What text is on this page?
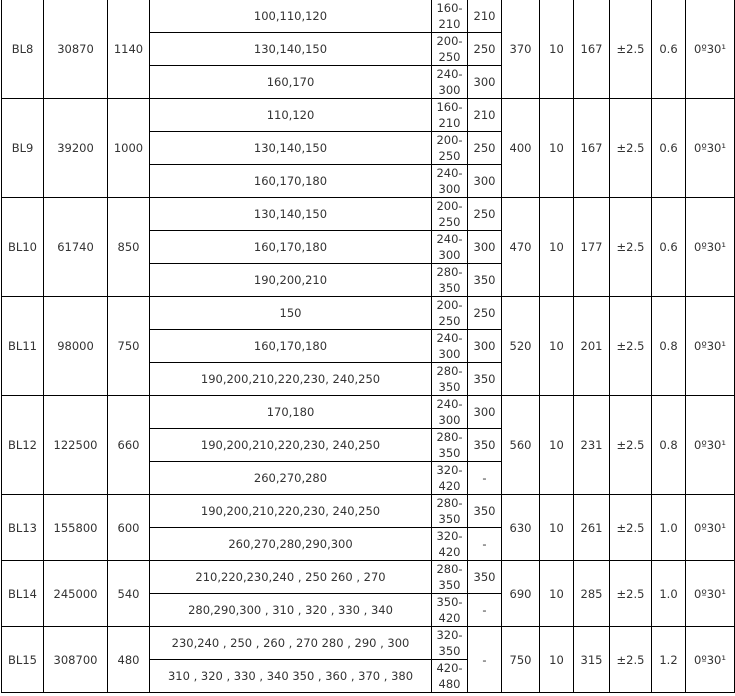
BL8	30870	1140	100,110,120	160-210	210	370	10	167	±2.5	0.6	0º30¹
			130,140,150	200-250	250						
			160,170	240-300	300						
BL9	39200	1000	110,120	160-210	210	400	10	167	±2.5	0.6	0º30¹
			130,140,150	200-250	250						
			160,170,180	240-300	300						
BL10	61740	850	130,140,150	200-250	250	470	10	177	±2.5	0.6	0º30¹
			160,170,180	240-300	300						
			190,200,210	280-350	350						
BL11	98000	750	150	200-250	250	520	10	201	±2.5	0.8	0º30¹
			160,170,180	240-300	300						
			190,200,210,220,230, 240,250	280-350	350						
BL12	122500	660	170,180	240-300	300	560	10	231	±2.5	0.8	0º30¹
			190,200,210,220,230, 240,250	280-350	350						
			260,270,280	320-420	-						
BL13	155800	600	190,200,210,220,230, 240,250	280-350	350	630	10	261	±2.5	1.0	0º30¹
			260,270,280,290,300	320-420	-						
BL14	245000	540	210,220,230,240 , 250 260 , 270	280-350	350	690	10	285	±2.5	1.0	0º30¹
			280,290,300 , 310 , 320 , 330 , 340	350-420	-						
BL15	308700	480	230,240 , 250 , 260 , 270 280 , 290 , 300	320-350	-	750	10	315	±2.5	1.2	0º30¹
			310 , 320 , 330 , 340 350 , 360 , 370 , 380	420-480							
